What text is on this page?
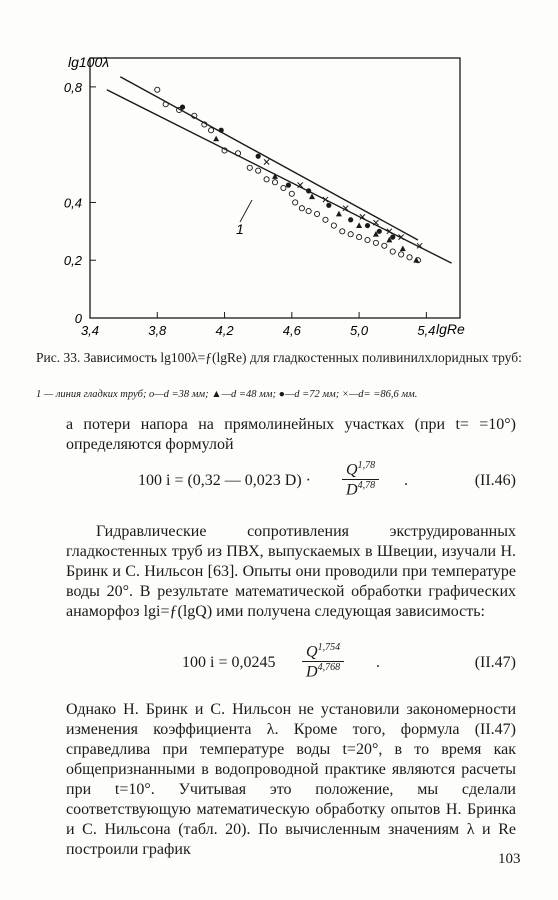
3,4	3,8	4,2	4,6	5,0	5,4
0
0,2
0,4
0,8
lg100λ
lgRe
1
Рис. 33. Зависимость lg100λ=ƒ(lgRe) для гладкостенных поливинилхлоридных труб:
1 — линия гладких труб; o—d =38 мм; ▲—d =48 мм; ●—d =72 мм; ×—d= =86,6 мм.
а потери напора на прямолинейных участках (при t= =10°) определяются формулой
100 i = (0,32 — 0,023 $D) \cdot \frac{Q^{1,78}}{D^{4,78}}$ .	(II.46)
Гидравлические сопротивления экструдированных гладкостенных труб из ПВХ, выпускаемых в Швеции, изучали Н. Бринк и С. Нильсон [63]. Опыты они проводили при температуре воды 20°. В результате математической обработки графических анаморфоз lgi=ƒ(lgQ) ими получена следующая зависимость:
100 $i = 0,0245 \frac{Q^{1,754}}{D^{4,768}}$ .	(II.47)
Однако Н. Бринк и С. Нильсон не установили закономерности изменения коэффициента λ. Кроме того, формула (II.47) справедлива при температуре воды t=20°, в то время как общепризнанными в водопроводной практике являются расчеты при t=10°. Учитывая это положение, мы сделали соответствующую математическую обработку опытов Н. Бринка и С. Нильсона (табл. 20). По вычисленным значениям λ и Re построили график
103
